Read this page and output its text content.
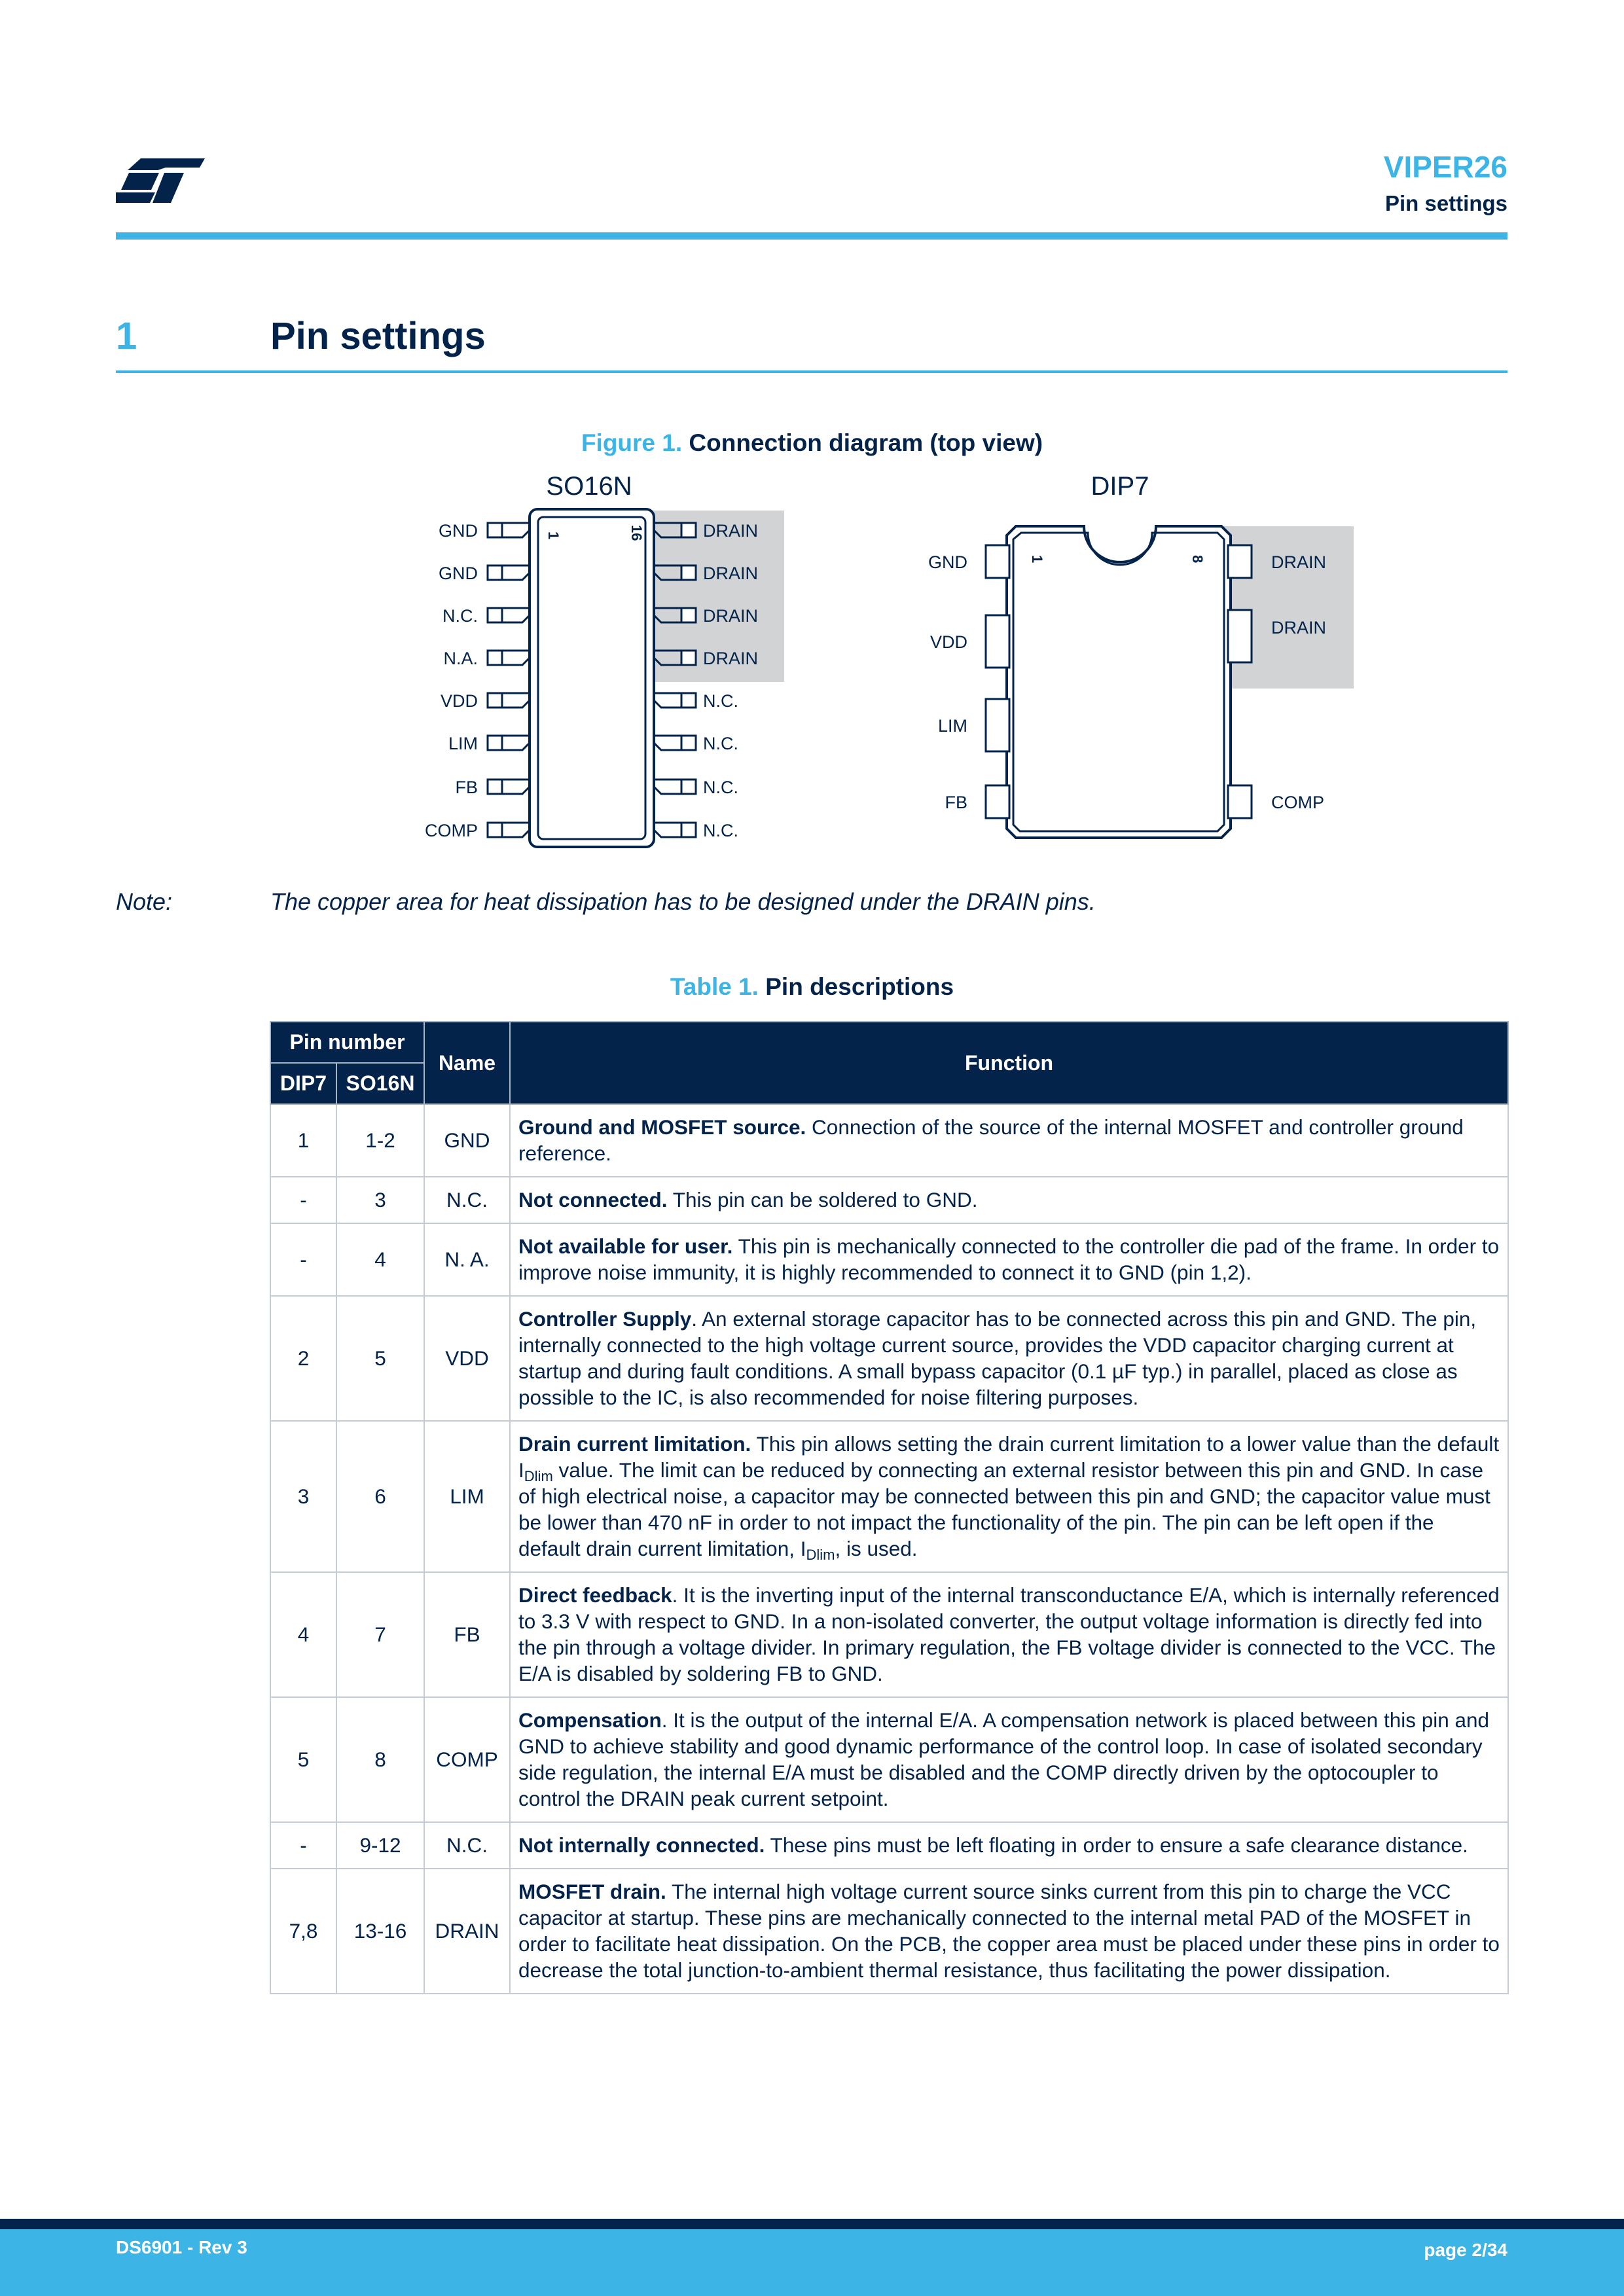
VIPER26
Pin settings
1	Pin settings
Figure 1. Connection diagram (top view)
SO16N
1	16
GND
GND
N.C.
N.A.
VDD
LIM
FB
COMP
DRAIN
DRAIN
DRAIN
DRAIN
N.C.
N.C.
N.C.
N.C.
DIP7
1	8
GND
VDD
LIM
FB
DRAIN
DRAIN
COMP
Note:	The copper area for heat dissipation has to be designed under the DRAIN pins.
Table 1. Pin descriptions
Pin number		Name	Function
DIP7	SO16N		
1	1-2	GND	Ground and MOSFET source. Connection of the source of the internal MOSFET and controller ground reference.
-	3	N.C.	Not connected. This pin can be soldered to GND.
-	4	N. A.	Not available for user. This pin is mechanically connected to the controller die pad of the frame. In order to improve noise immunity, it is highly recommended to connect it to GND (pin 1,2).
2	5	VDD	Controller Supply. An external storage capacitor has to be connected across this pin and GND. The pin, internally connected to the high voltage current source, provides the VDD capacitor charging current at startup and during fault conditions. A small bypass capacitor (0.1 µF typ.) in parallel, placed as close as possible to the IC, is also recommended for noise filtering purposes.
3	6	LIM	Drain current limitation. This pin allows setting the drain current limitation to a lower value than the default $I_{Dlim}$ value. The limit can be reduced by connecting an external resistor between this pin and GND. In case of high electrical noise, a capacitor may be connected between this pin and GND; the capacitor value must be lower than 470 nF in order to not impact the functionality of the pin. The pin can be left open if the default drain current limitation, $I_{Dlim}$, is used.
4	7	FB	Direct feedback. It is the inverting input of the internal transconductance E/A, which is internally referenced to 3.3 V with respect to GND. In a non-isolated converter, the output voltage information is directly fed into the pin through a voltage divider. In primary regulation, the FB voltage divider is connected to the VCC. The E/A is disabled by soldering FB to GND.
5	8	COMP	Compensation. It is the output of the internal E/A. A compensation network is placed between this pin and GND to achieve stability and good dynamic performance of the control loop. In case of isolated secondary side regulation, the internal E/A must be disabled and the COMP directly driven by the optocoupler to control the DRAIN peak current setpoint.
-	9-12	N.C.	Not internally connected. These pins must be left floating in order to ensure a safe clearance distance.
7,8	13-16	DRAIN	MOSFET drain. The internal high voltage current source sinks current from this pin to charge the VCC capacitor at startup. These pins are mechanically connected to the internal metal PAD of the MOSFET in order to facilitate heat dissipation. On the PCB, the copper area must be placed under these pins in order to decrease the total junction-to-ambient thermal resistance, thus facilitating the power dissipation.
DS6901 - Rev 3	page 2/34
